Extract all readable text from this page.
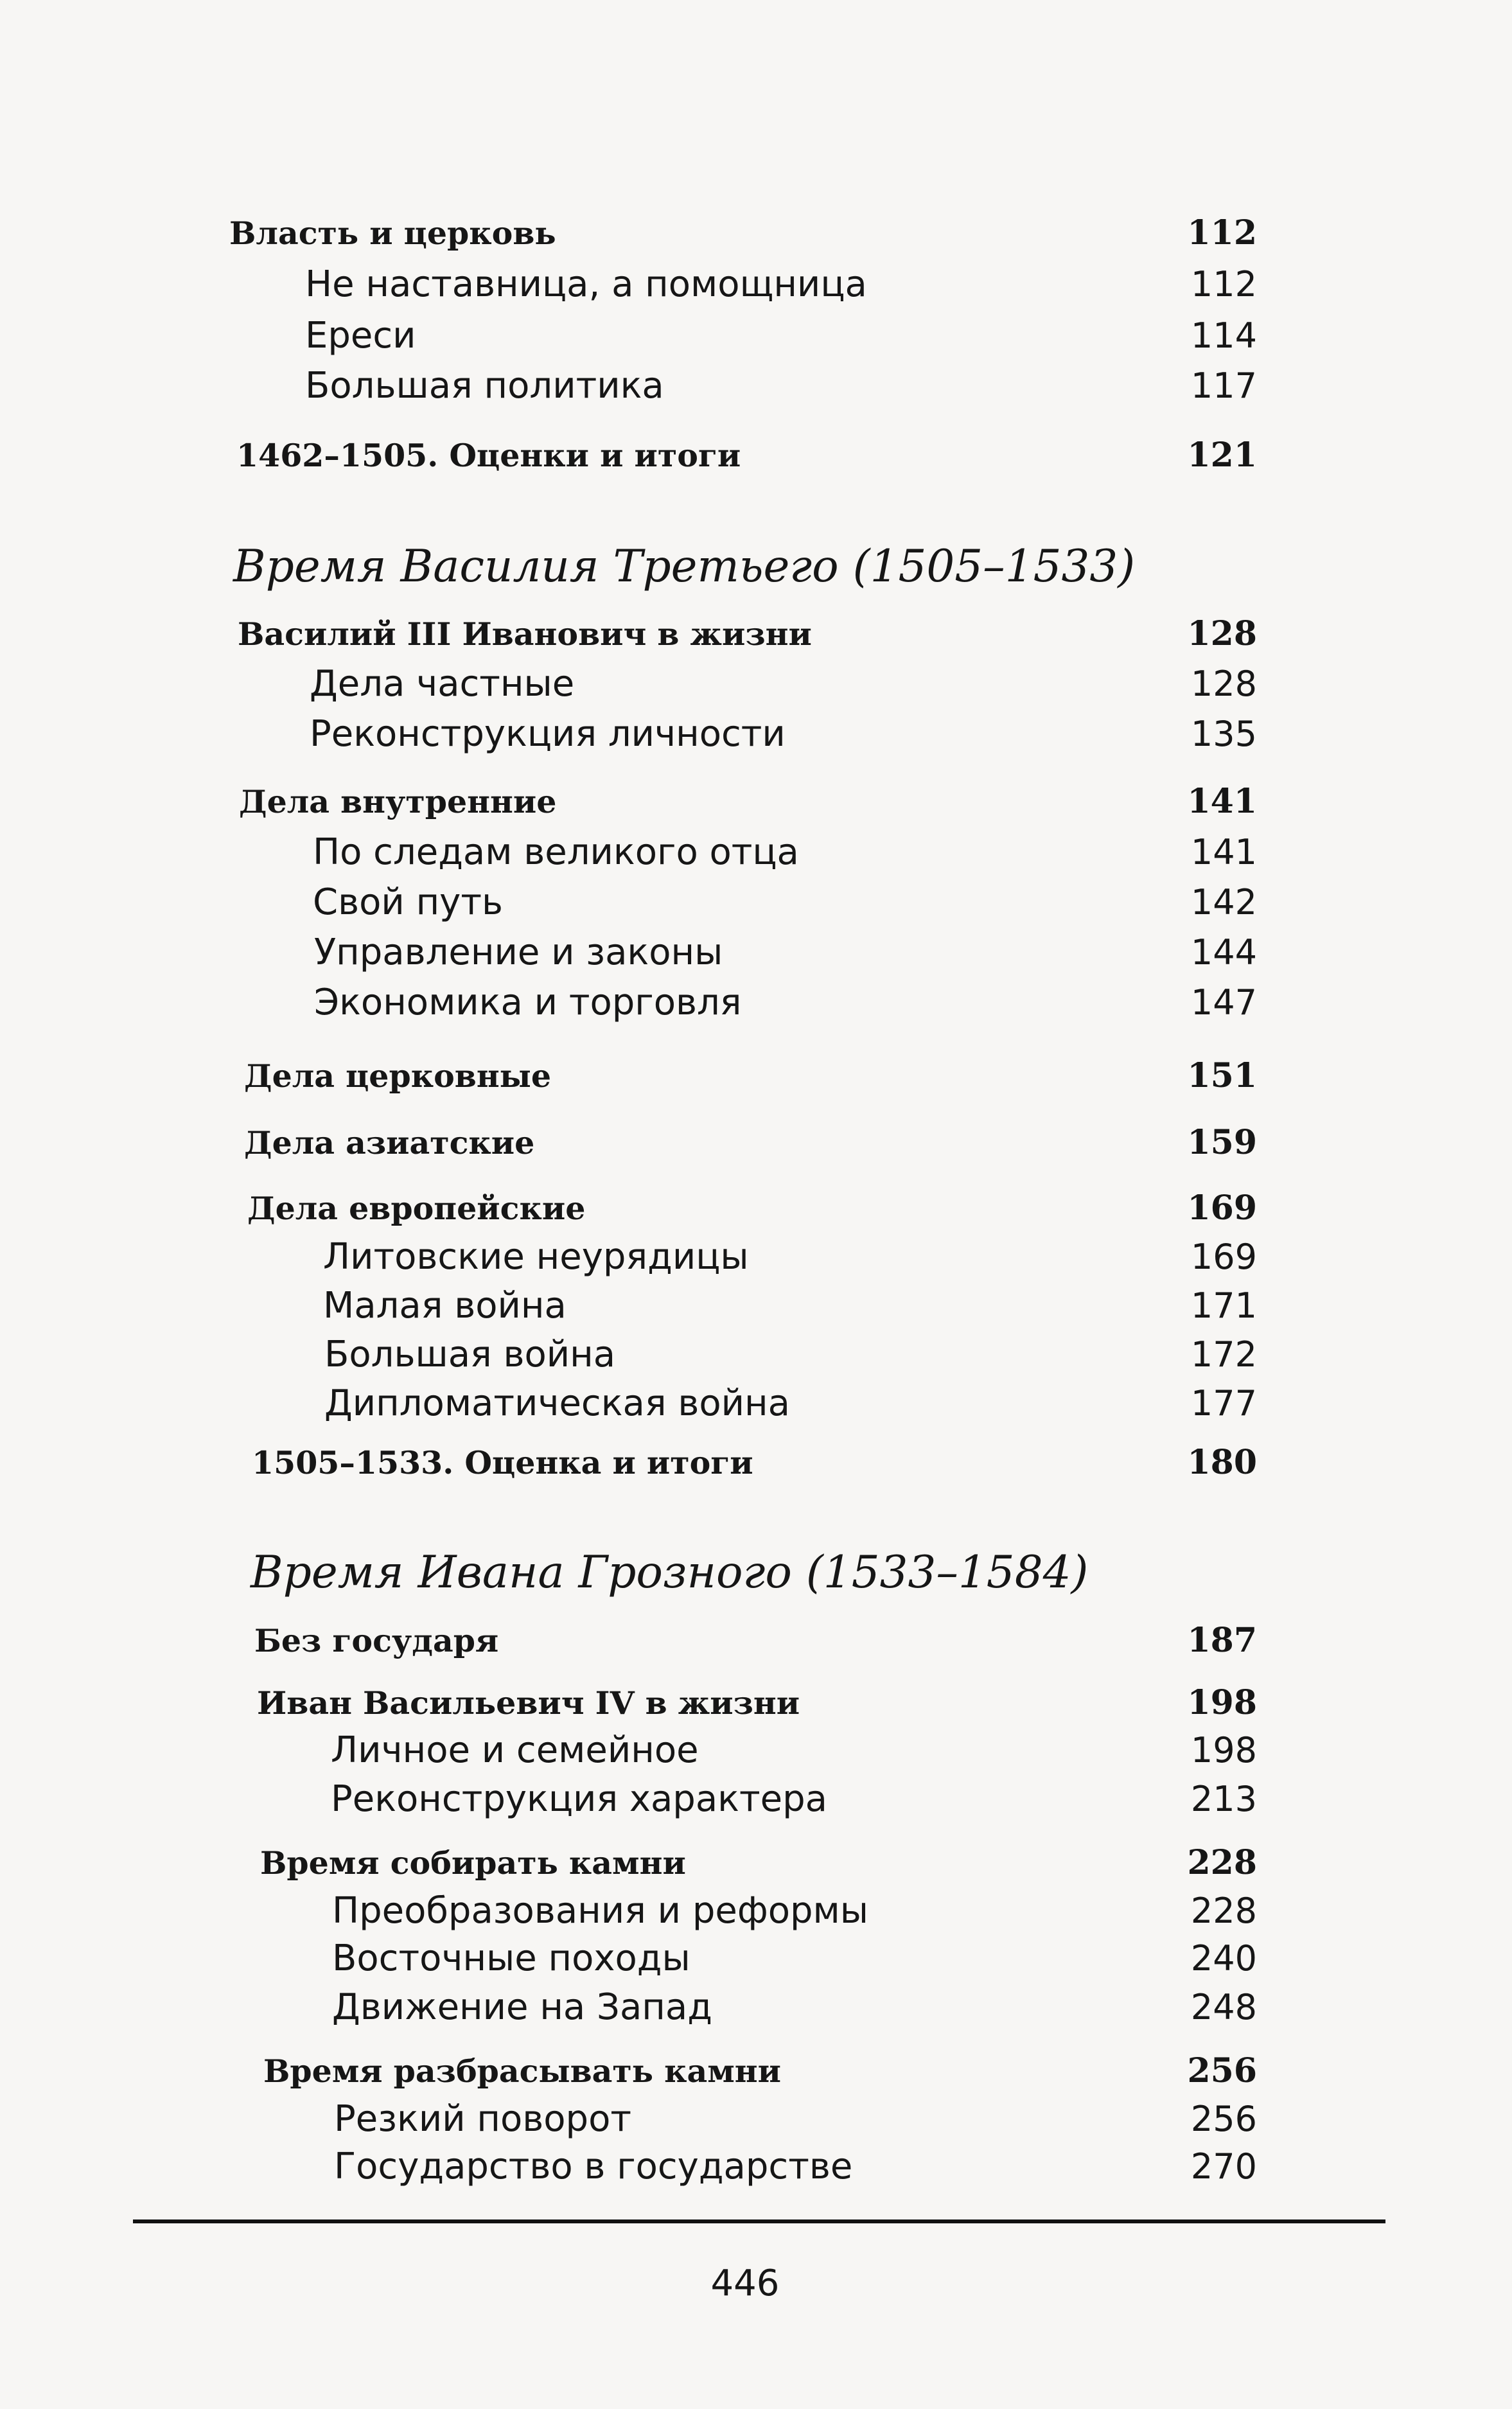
Власть и церковь	112
Не наставница, а помощница	112
Ереси	114
Большая политика	117
1462–1505. Оценки и итоги	121
Время Василия Третьего (1505–1533)
Василий III Иванович в жизни	128
Дела частные	128
Реконструкция личности	135
Дела внутренние	141
По следам великого отца	141
Свой путь	142
Управление и законы	144
Экономика и торговля	147
Дела церковные	151
Дела азиатские	159
Дела европейские	169
Литовские неурядицы	169
Малая война	171
Большая война	172
Дипломатическая война	177
1505–1533. Оценка и итоги	180
Время Ивана Грозного (1533–1584)
Без государя	187
Иван Васильевич IV в жизни	198
Личное и семейное	198
Реконструкция характера	213
Время собирать камни	228
Преобразования и реформы	228
Восточные походы	240
Движение на Запад	248
Время разбрасывать камни	256
Резкий поворот	256
Государство в государстве	270
446
